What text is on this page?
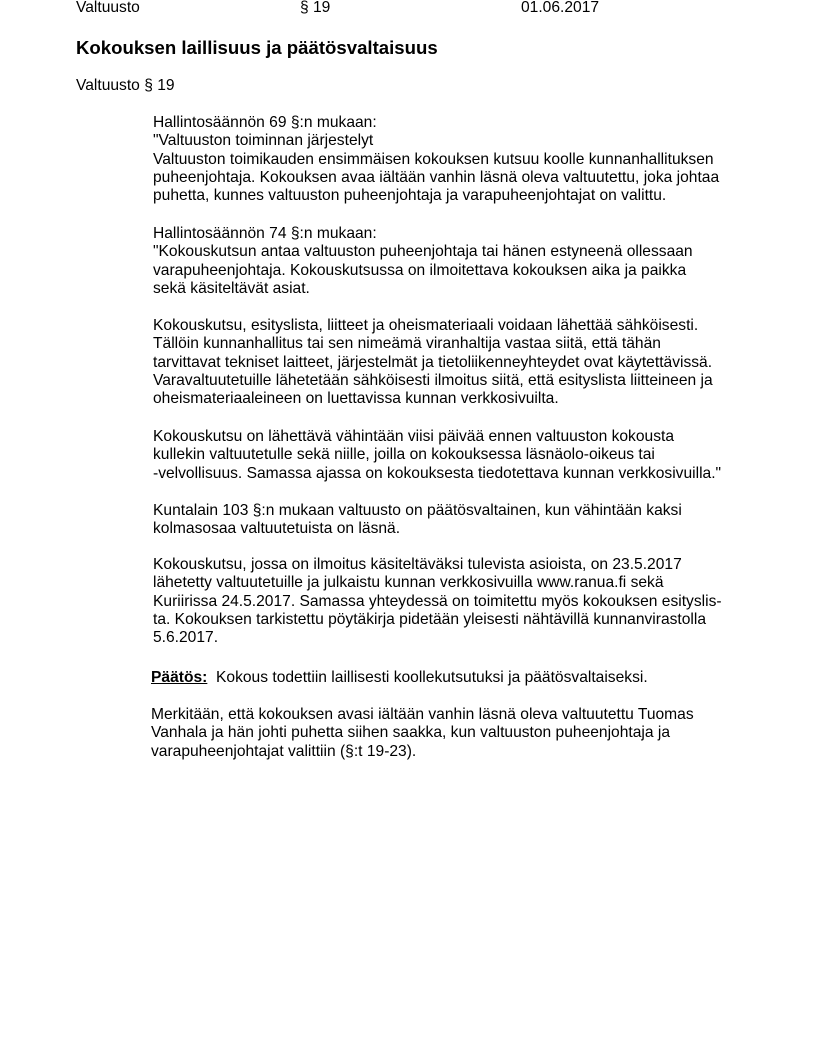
Valtuusto	§ 19	01.06.2017
Kokouksen laillisuus ja päätösvaltaisuus
Valtuusto § 19
Hallintosäännön 69 §:n mukaan:
"Valtuuston toiminnan järjestelyt
Valtuuston toimikauden ensimmäisen kokouksen kutsuu koolle kunnanhallituksen
puheenjohtaja. Kokouksen avaa iältään vanhin läsnä oleva valtuutettu, joka johtaa
puhetta, kunnes valtuuston puheenjohtaja ja varapuheenjohtajat on valittu.
Hallintosäännön 74 §:n mukaan:
"Kokouskutsun antaa valtuuston puheenjohtaja tai hänen estyneenä ollessaan
varapuheenjohtaja. Kokouskutsussa on ilmoitettava kokouksen aika ja paikka
sekä käsiteltävät asiat.
Kokouskutsu, esityslista, liitteet ja oheismateriaali voidaan lähettää sähköisesti.
Tällöin kunnanhallitus tai sen nimeämä viranhaltija vastaa siitä, että tähän
tarvittavat tekniset laitteet, järjestelmät ja tietoliikenneyhteydet ovat käytettävissä.
Varavaltuutetuille lähetetään sähköisesti ilmoitus siitä, että esityslista liitteineen ja
oheismateriaaleineen on luettavissa kunnan verkkosivuilta.
Kokouskutsu on lähettävä vähintään viisi päivää ennen valtuuston kokousta
kullekin valtuutetulle sekä niille, joilla on kokouksessa läsnäolo-oikeus tai
-velvollisuus. Samassa ajassa on kokouksesta tiedotettava kunnan verkkosivuilla."
Kuntalain 103 §:n mukaan valtuusto on päätösvaltainen, kun vähintään kaksi
kolmasosaa valtuutetuista on läsnä.
Kokouskutsu, jossa on ilmoitus käsiteltäväksi tulevista asioista, on 23.5.2017
lähetetty valtuutetuille ja julkaistu kunnan verkkosivuilla www.ranua.fi sekä
Kuriirissa 24.5.2017. Samassa yhteydessä on toimitettu myös kokouksen esityslis-
ta. Kokouksen tarkistettu pöytäkirja pidetään yleisesti nähtävillä kunnanvirastolla
5.6.2017.
Päätös: Kokous todettiin laillisesti koollekutsutuksi ja päätösvaltaiseksi.
Merkitään, että kokouksen avasi iältään vanhin läsnä oleva valtuutettu Tuomas
Vanhala ja hän johti puhetta siihen saakka, kun valtuuston puheenjohtaja ja
varapuheenjohtajat valittiin (§:t 19-23).
